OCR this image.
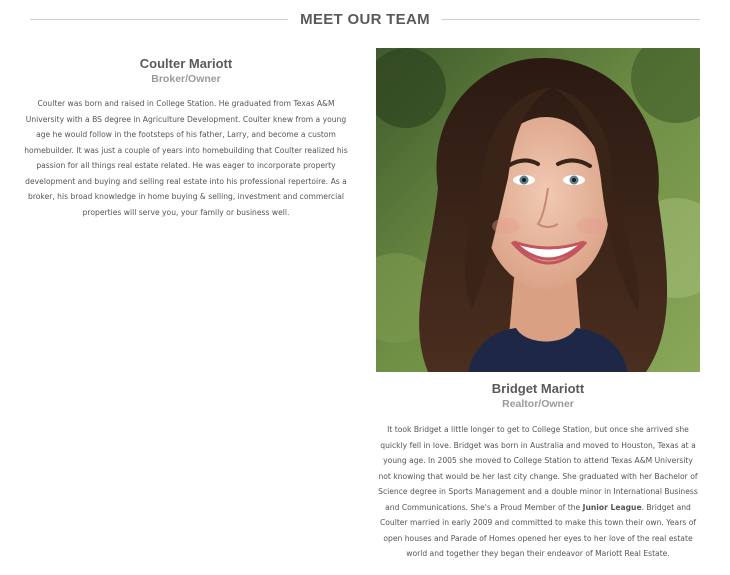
MEET OUR TEAM
Coulter Mariott
Broker/Owner
Coulter was born and raised in College Station. He graduated from Texas A&M University with a BS degree in Agriculture Development. Coulter knew from a young age he would follow in the footsteps of his father, Larry, and become a custom homebuilder. It was just a couple of years into homebuilding that Coulter realized his passion for all things real estate related. He was eager to incorporate property development and buying and selling real estate into his professional repertoire. As a broker, his broad knowledge in home buying & selling, investment and commercial properties will serve you, your family or business well.
Bridget Mariott
Realtor/Owner
It took Bridget a little longer to get to College Station, but once she arrived she quickly fell in love. Bridget was born in Australia and moved to Houston, Texas at a young age. In 2005 she moved to College Station to attend Texas A&M University not knowing that would be her last city change. She graduated with her Bachelor of Science degree in Sports Management and a double minor in International Business and Communications. She's a Proud Member of the Junior League. Bridget and Coulter married in early 2009 and committed to make this town their own. Years of open houses and Parade of Homes opened her eyes to her love of the real estate world and together they began their endeavor of Mariott Real Estate.
